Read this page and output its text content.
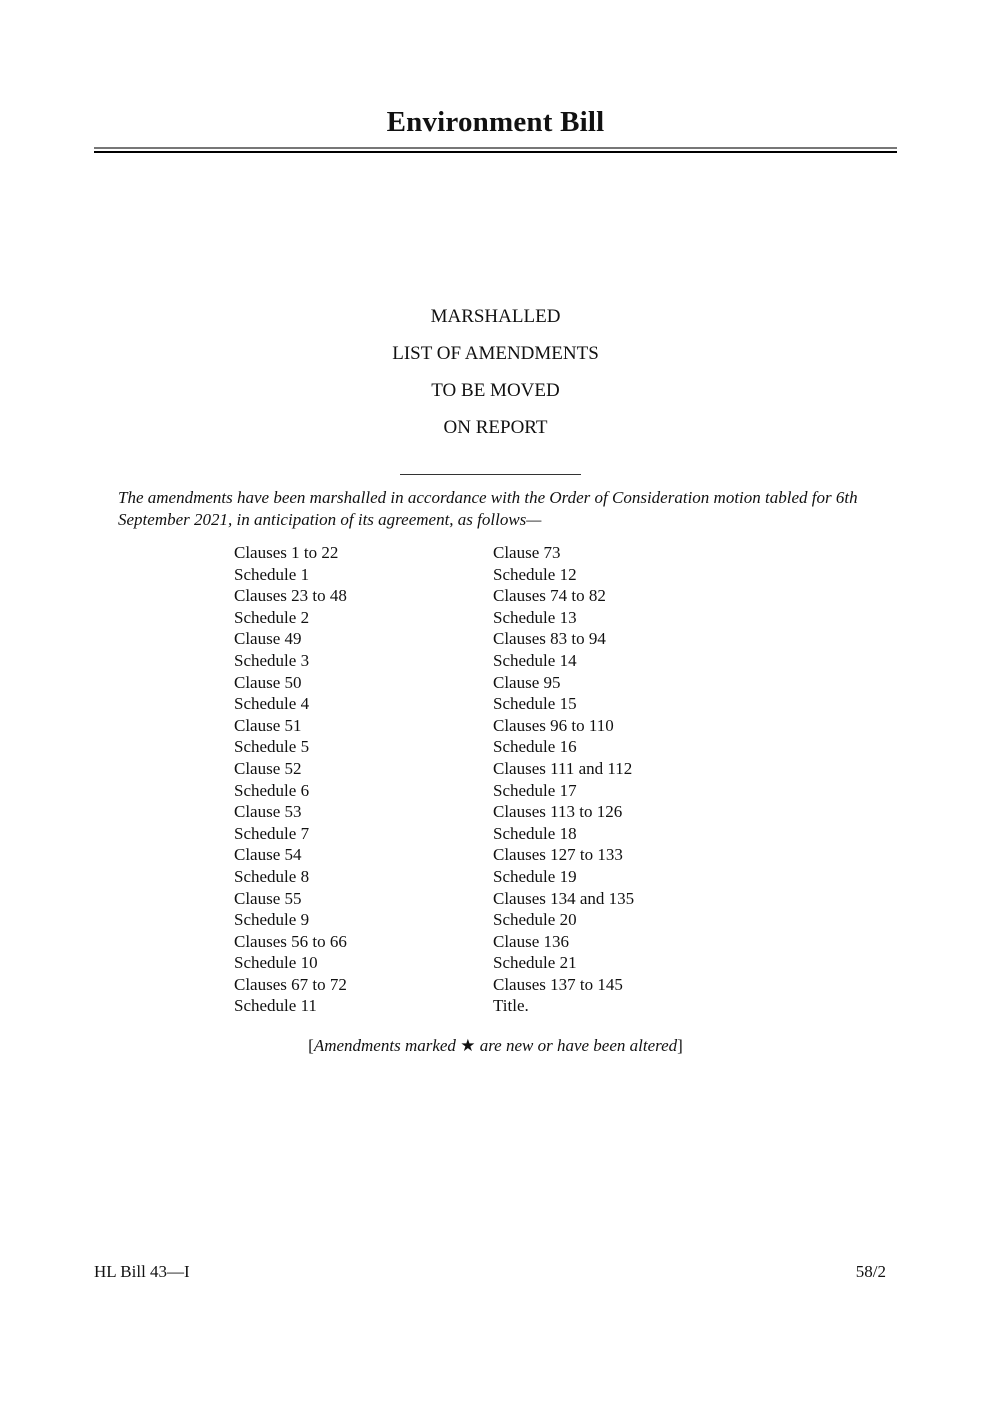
Environment Bill
MARSHALLED
LIST OF AMENDMENTS
TO BE MOVED
ON REPORT
The amendments have been marshalled in accordance with the Order of Consideration motion tabled for 6th September 2021, in anticipation of its agreement, as follows—
Clauses 1 to 22
Schedule 1
Clauses 23 to 48
Schedule 2
Clause 49
Schedule 3
Clause 50
Schedule 4
Clause 51
Schedule 5
Clause 52
Schedule 6
Clause 53
Schedule 7
Clause 54
Schedule 8
Clause 55
Schedule 9
Clauses 56 to 66
Schedule 10
Clauses 67 to 72
Schedule 11
Clause 73
Schedule 12
Clauses 74 to 82
Schedule 13
Clauses 83 to 94
Schedule 14
Clause 95
Schedule 15
Clauses 96 to 110
Schedule 16
Clauses 111 and 112
Schedule 17
Clauses 113 to 126
Schedule 18
Clauses 127 to 133
Schedule 19
Clauses 134 and 135
Schedule 20
Clause 136
Schedule 21
Clauses 137 to 145
Title.
[Amendments marked ★ are new or have been altered]
HL Bill 43—I	58/2
